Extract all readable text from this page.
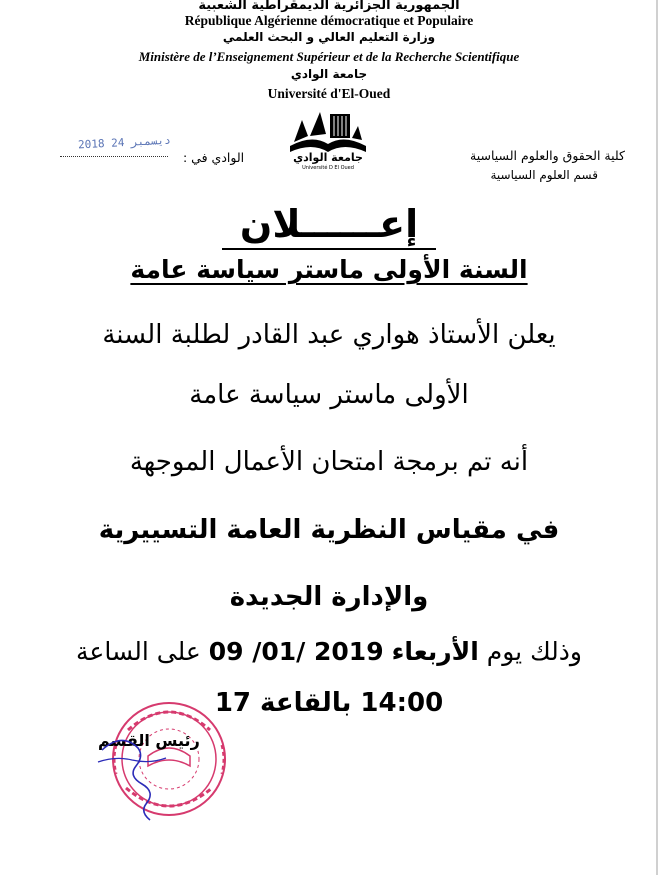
الجمهورية الجزائرية الديمقراطية الشعبية
République Algérienne démocratique et Populaire
وزارة التعليم العالي و البحث العلمي
Ministère de l’Enseignement Supérieur et de la Recherche Scientifique
جامعة الوادي
Université d'El-Oued
جامعة الوادي
Université D El Oued
كلية الحقوق والعلوم السياسية
قسم العلوم السياسية
2018 دیسمبر 24
الوادي في :
إعــــــلان
السنة الأولى ماستر سياسة عامة
يعلن الأستاذ هواري عبد القادر لطلبة السنة
الأولى ماستر سياسة عامة
أنه تم برمجة امتحان الأعمال الموجهة
في مقياس النظرية العامة التسييرية
والإدارة الجديدة
وذلك يوم الأربعاء 09 /01/ 2019 على الساعة
14:00 بالقاعة 17
رئيس القسم
